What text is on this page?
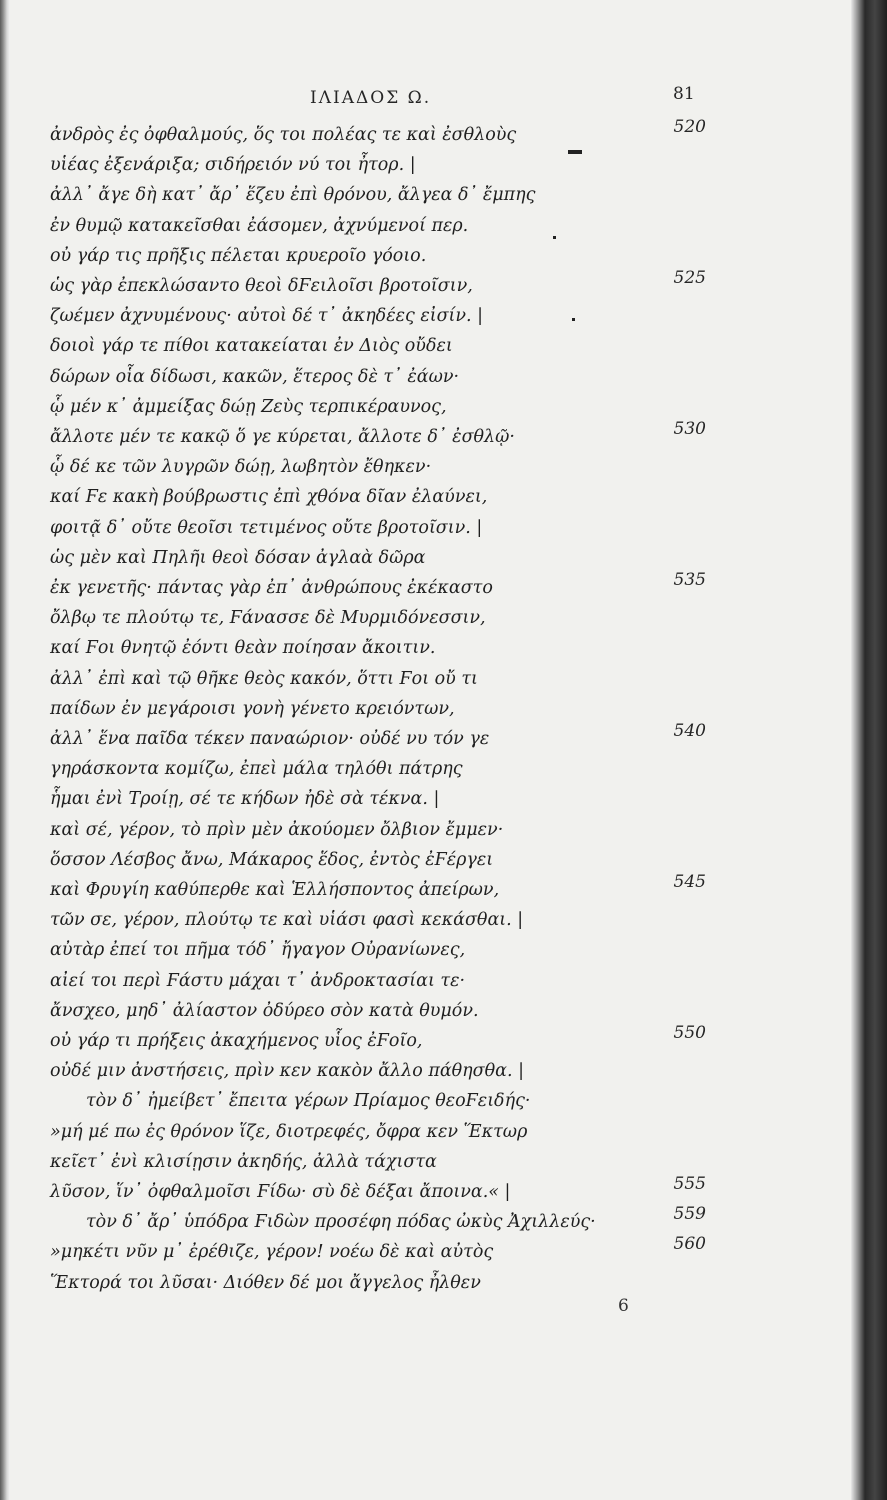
ΙΛΙΑΔΟΣ Ω.	81
ἀνδρὸς ἐς ὀφθαλμούς, ὅς τοι πολέας τε καὶ ἐσθλοὺς
υἱέας ἐξενάριξα; σιδήρειόν νύ τοι ἦτορ. |
ἀλλ᾽ ἄγε δὴ κατ᾽ ἄρ᾽ ἕζευ ἐπὶ θρόνου, ἄλγεα δ᾽ ἔμπης
ἐν θυμῷ κατακεῖσθαι ἐάσομεν, ἀχνύμενοί περ.
οὐ γάρ τις πρῆξις πέλεται κρυεροῖο γόοιο.
ὡς γὰρ ἐπεκλώσαντο θεοὶ δϜειλοῖσι βροτοῖσιν,
ζωέμεν ἀχνυμένους· αὐτοὶ δέ τ᾽ ἀκηδέες εἰσίν. |
δοιοὶ γάρ τε πίθοι κατακείαται ἐν Διὸς οὔδει
δώρων οἷα δίδωσι, κακῶν, ἕτερος δὲ τ᾽ ἐάων·
ᾧ μέν κ᾽ ἀμμείξας δώῃ Ζεὺς τερπικέραυνος,
ἄλλοτε μέν τε κακῷ ὅ γε κύρεται, ἄλλοτε δ᾽ ἐσθλῷ·
ᾧ δέ κε τῶν λυγρῶν δώῃ, λωβητὸν ἔθηκεν·
καί Ϝε κακὴ βούβρωστις ἐπὶ χθόνα δῖαν ἐλαύνει,
φοιτᾷ δ᾽ οὔτε θεοῖσι τετιμένος οὔτε βροτοῖσιν. |
ὡς μὲν καὶ Πηλῆι θεοὶ δόσαν ἀγλαὰ δῶρα
ἐκ γενετῆς· πάντας γὰρ ἐπ᾽ ἀνθρώπους ἐκέκαστο
ὄλβῳ τε πλούτῳ τε, Ϝάνασσε δὲ Μυρμιδόνεσσιν,
καί Ϝοι θνητῷ ἐόντι θεὰν ποίησαν ἄκοιτιν.
ἀλλ᾽ ἐπὶ καὶ τῷ θῆκε θεὸς κακόν, ὅττι Ϝοι οὔ τι
παίδων ἐν μεγάροισι γονὴ γένετο κρειόντων,
ἀλλ᾽ ἕνα παῖδα τέκεν παναώριον· οὐδέ νυ τόν γε
γηράσκοντα κομίζω, ἐπεὶ μάλα τηλόθι πάτρης
ἧμαι ἐνὶ Τροίῃ, σέ τε κήδων ἠδὲ σὰ τέκνα. |
καὶ σέ, γέρον, τὸ πρὶν μὲν ἀκούομεν ὄλβιον ἔμμεν·
ὅσσον Λέσβος ἄνω, Μάκαρος ἕδος, ἐντὸς ἐϜέργει
καὶ Φρυγίη καθύπερθε καὶ Ἑλλήσποντος ἀπείρων,
τῶν σε, γέρον, πλούτῳ τε καὶ υἱάσι φασὶ κεκάσθαι. |
αὐτὰρ ἐπεί τοι πῆμα τόδ᾽ ἤγαγον Οὐρανίωνες,
αἰεί τοι περὶ Ϝάστυ μάχαι τ᾽ ἀνδροκτασίαι τε·
ἄνσχεο, μηδ᾽ ἀλίαστον ὀδύρεο σὸν κατὰ θυμόν.
οὐ γάρ τι πρήξεις ἀκαχήμενος υἷος ἐϜοῖο,
οὐδέ μιν ἀνστήσεις, πρὶν κεν κακὸν ἄλλο πάθησθα. |
τὸν δ᾽ ἠμείβετ᾽ ἔπειτα γέρων Πρίαμος θεοϜειδής·
»μή μέ πω ἐς θρόνον ἵζε, διοτρεφές, ὄφρα κεν Ἕκτωρ
κεῖετ᾽ ἐνὶ κλισίῃσιν ἀκηδής, ἀλλὰ τάχιστα
λῦσον, ἵν᾽ ὀφθαλμοῖσι Ϝίδω· σὺ δὲ δέξαι ἄποινα.« |
τὸν δ᾽ ἄρ᾽ ὑπόδρα Ϝιδὼν προσέφη πόδας ὠκὺς Ἀχιλλεύς·
»μηκέτι νῦν μ᾽ ἐρέθιζε, γέρον! νοέω δὲ καὶ αὐτὸς
Ἕκτορά τοι λῦσαι· Διόθεν δέ μοι ἄγγελος ἦλθεν
520
525
530
535
540
545
550
555
559
560
6
